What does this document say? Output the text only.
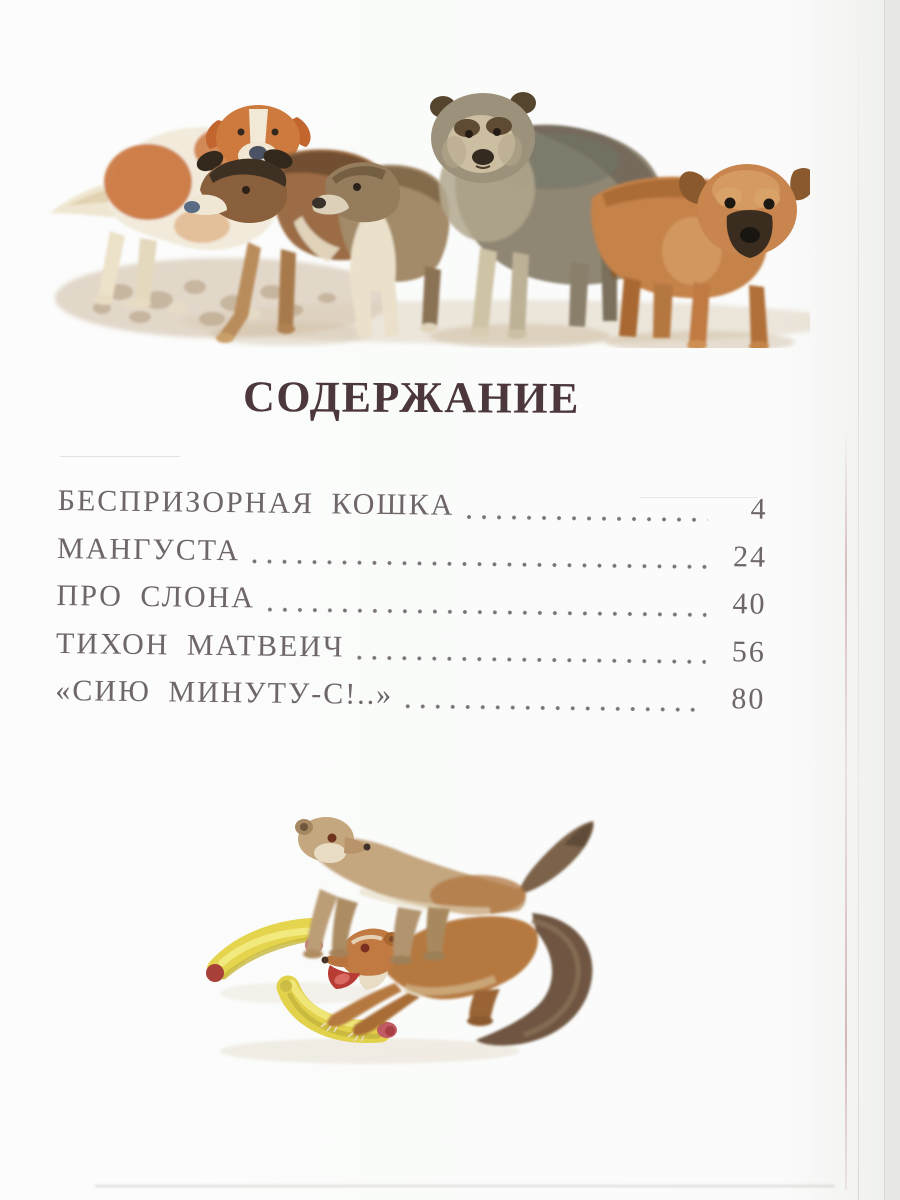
СОДЕРЖАНИЕ
БЕСПРИЗОРНАЯ КОШКА	4
МАНГУСТА	24
ПРО СЛОНА	40
ТИХОН МАТВЕИЧ	56
«СИЮ МИНУТУ-С!..»	80
